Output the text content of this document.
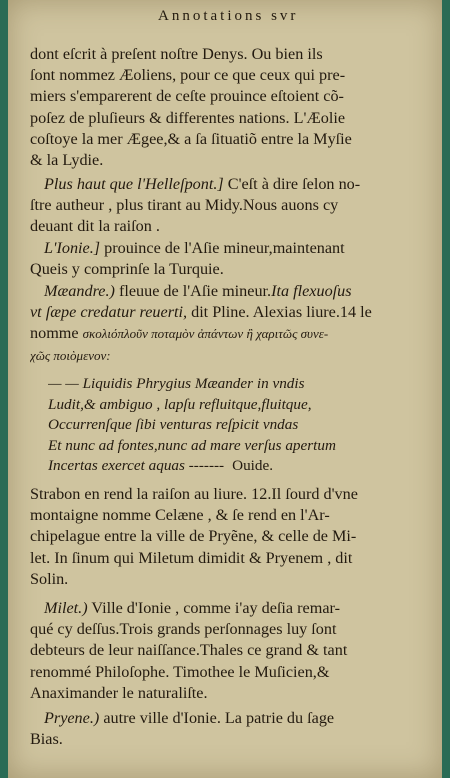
Annotations svr
dont eſcrit à preſent noſtre Denys. Ou bien ils
ſont nommez Æoliens, pour ce que ceux qui pre-
miers s'emparerent de ceſte prouince eſtoient cõ-
poſez de pluſieurs & differentes nations. L'Æolie
coſtoye la mer Ægee,& a ſa ſituatiõ entre la Myſie
& la Lydie.
Plus haut que l'Helleſpont.] C'eſt à dire ſelon no-
ſtre autheur , plus tirant au Midy.Nous auons cy
deuant dit la raiſon .
L'Ionie.] prouince de l'Aſie mineur,maintenant
Queis y comprinſe la Turquie.
Mæandre.) fleuue de l'Aſie mineur.Ita flexuoſus
vt ſæpe credatur reuerti, dit Pline. Alexias liure.14 le
nomme σκολιόπλοῦν ποταμὸν ἀπάντων ἢ χαριτῶς συνε-
χῶς ποιὸμενον:
— — Liquidis Phrygius Mæander in vndis
Ludit,& ambiguo , lapſu refluitque,fluitque,
Occurrenſque ſibi venturas reſpicit vndas
Et nunc ad fontes,nunc ad mare verſus apertum
Incertas exercet aquas ------- Ouide.
Strabon en rend la raiſon au liure. 12.Il ſourd d'vne
montaigne nomme Celæne , & ſe rend en l'Ar-
chipelague entre la ville de Pryẽne, & celle de Mi-
let. In ſinum qui Miletum dimidit & Pryenem , dit
Solin.
Milet.) Ville d'Ionie , comme i'ay deſia remar-
qué cy deſſus.Trois grands perſonnages luy ſont
debteurs de leur naiſſance.Thales ce grand & tant
renommé Philoſophe. Timothee le Muſicien,&
Anaximander le naturaliſte.
Pryene.) autre ville d'Ionie. La patrie du ſage
Bias.
